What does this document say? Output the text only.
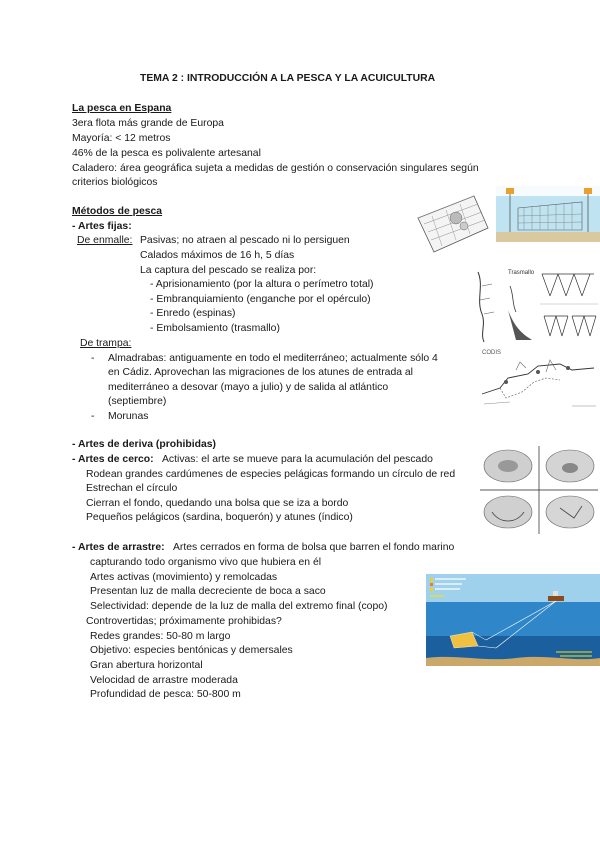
TEMA 2 : INTRODUCCIÓN A LA PESCA Y LA ACUICULTURA
La pesca en Espana
3era flota más grande de Europa
Mayoría: < 12 metros
46% de la pesca es polivalente artesanal
Caladero: área geográfica sujeta a medidas de gestión o conservación singulares según
criterios biológicos
Métodos de pesca
- Artes fijas:
De enmalle: Pasivas; no atraen al pescado ni lo persiguen
Calados máximos de 16 h, 5 días
La captura del pescado se realiza por:
- Aprisionamiento (por la altura o perímetro total)
- Embranquiamiento (enganche por el opérculo)
- Enredo (espinas)
- Embolsamiento (trasmallo)
De trampa:
- Almadrabas: antiguamente en todo el mediterráneo; actualmente sólo 4
en Cádiz. Aprovechan las migraciones de los atunes de entrada al
mediterráneo a desovar (mayo a julio) y de salida al atlántico
(septiembre)
- Morunas
- Artes de deriva (prohibidas)
- Artes de cerco: Activas: el arte se mueve para la acumulación del pescado
Rodean grandes cardúmenes de especies pelágicas formando un círculo de red
Estrechan el círculo
Cierran el fondo, quedando una bolsa que se iza a bordo
Pequeños pelágicos (sardina, boquerón) y atunes (índico)
- Artes de arrastre: Artes cerrados en forma de bolsa que barren el fondo marino
capturando todo organismo vivo que hubiera en él
Artes activas (movimiento) y remolcadas
Presentan luz de malla decreciente de boca a saco
Selectividad: depende de la luz de malla del extremo final (copo)
Controvertidas; próximamente prohibidas?
Redes grandes: 50-80 m largo
Objetivo: especies bentónicas y demersales
Gran abertura horizontal
Velocidad de arrastre moderada
Profundidad de pesca: 50-800 m
Trasmallo
CODIS
